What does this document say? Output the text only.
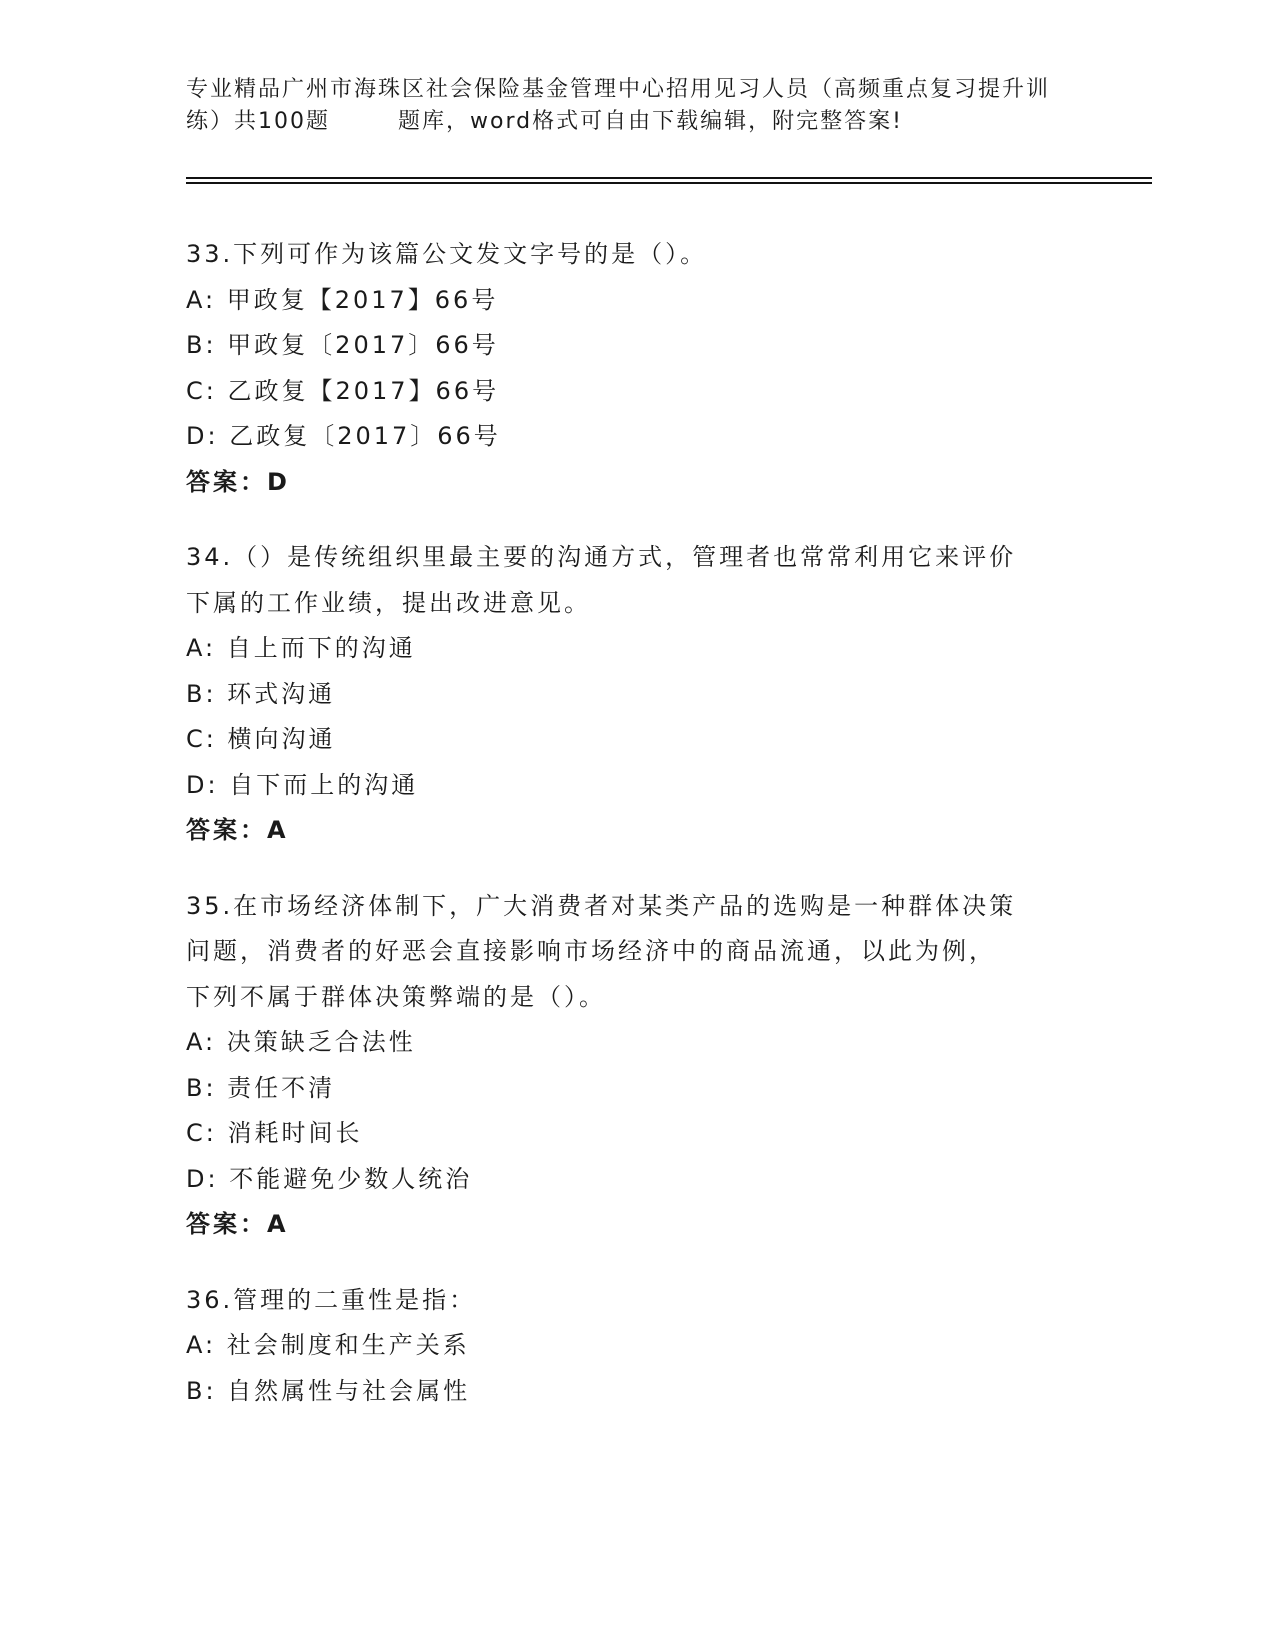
专业精品广州市海珠区社会保险基金管理中心招用见习人员（高频重点复习提升训
练）共100题	题库，word格式可自由下载编辑，附完整答案!
33.下列可作为该篇公文发文字号的是（）。
A: 甲政复【2017】66号
B: 甲政复〔2017〕66号
C: 乙政复【2017】66号
D: 乙政复〔2017〕66号
答案：D
34.（）是传统组织里最主要的沟通方式，管理者也常常利用它来评价
下属的工作业绩，提出改进意见。
A: 自上而下的沟通
B: 环式沟通
C: 横向沟通
D: 自下而上的沟通
答案：A
35.在市场经济体制下，广大消费者对某类产品的选购是一种群体决策
问题，消费者的好恶会直接影响市场经济中的商品流通，以此为例，
下列不属于群体决策弊端的是（）。
A: 决策缺乏合法性
B: 责任不清
C: 消耗时间长
D: 不能避免少数人统治
答案：A
36.管理的二重性是指：
A: 社会制度和生产关系
B: 自然属性与社会属性
